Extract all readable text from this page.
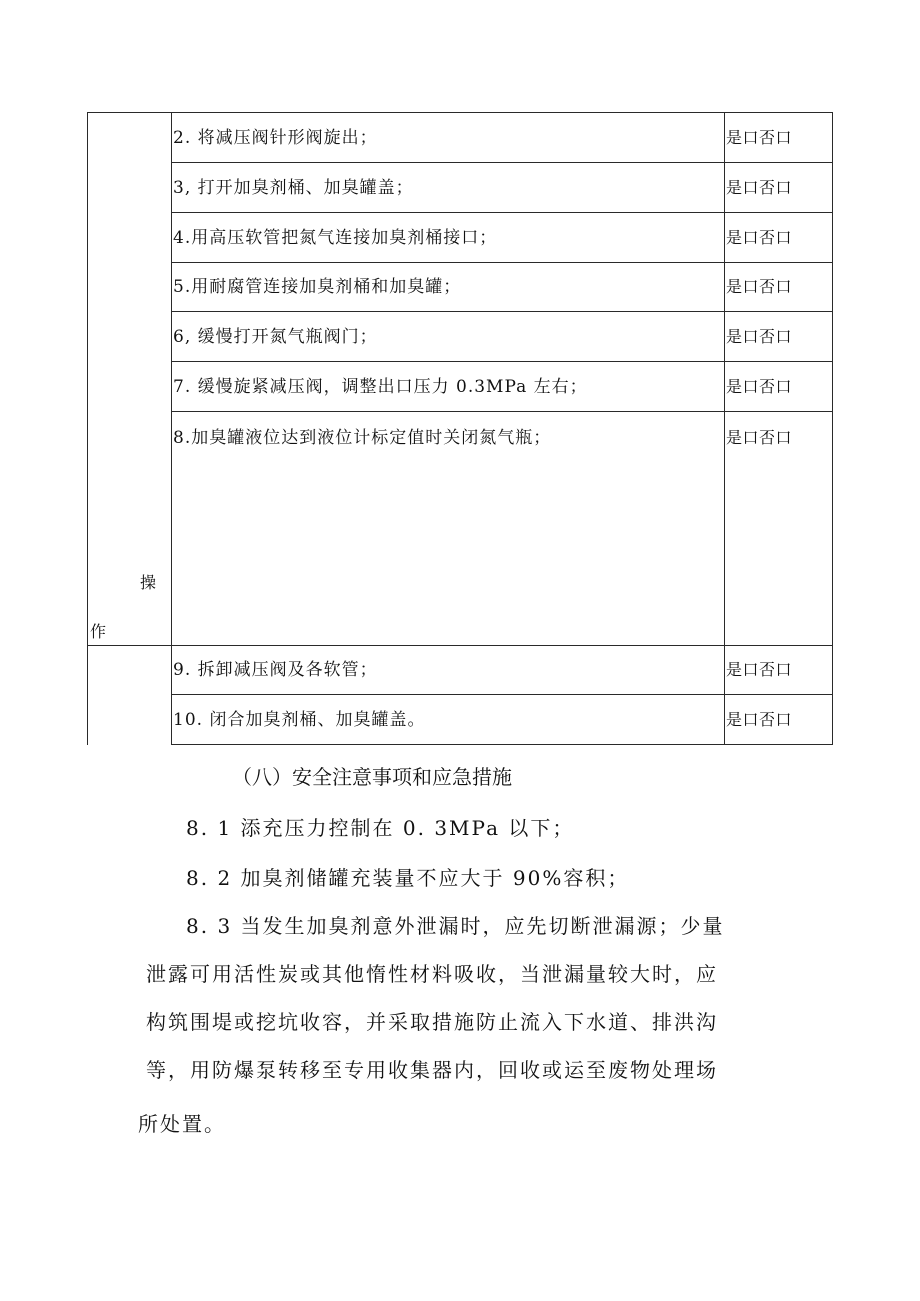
操
作
2. 将减压阀针形阀旋出；	是口否口
3, 打开加臭剂桶、加臭罐盖；	是口否口
4.用高压软管把氮气连接加臭剂桶接口；	是口否口
5.用耐腐管连接加臭剂桶和加臭罐；	是口否口
6, 缓慢打开氮气瓶阀门；	是口否口
7. 缓慢旋紧减压阀，调整出口压力 0.3MPa 左右；	是口否口
8.加臭罐液位达到液位计标定值时关闭氮气瓶；	是口否口
9. 拆卸减压阀及各软管；	是口否口
10. 闭合加臭剂桶、加臭罐盖。	是口否口
（八）安全注意事项和应急措施
8. 1 添充压力控制在 0. 3MPa 以下；
8. 2 加臭剂储罐充装量不应大于 90%容积；
8. 3 当发生加臭剂意外泄漏时，应先切断泄漏源；少量
泄露可用活性炭或其他惰性材料吸收，当泄漏量较大时，应
构筑围堤或挖坑收容，并采取措施防止流入下水道、排洪沟
等，用防爆泵转移至专用收集器内，回收或运至废物处理场
所处置。
